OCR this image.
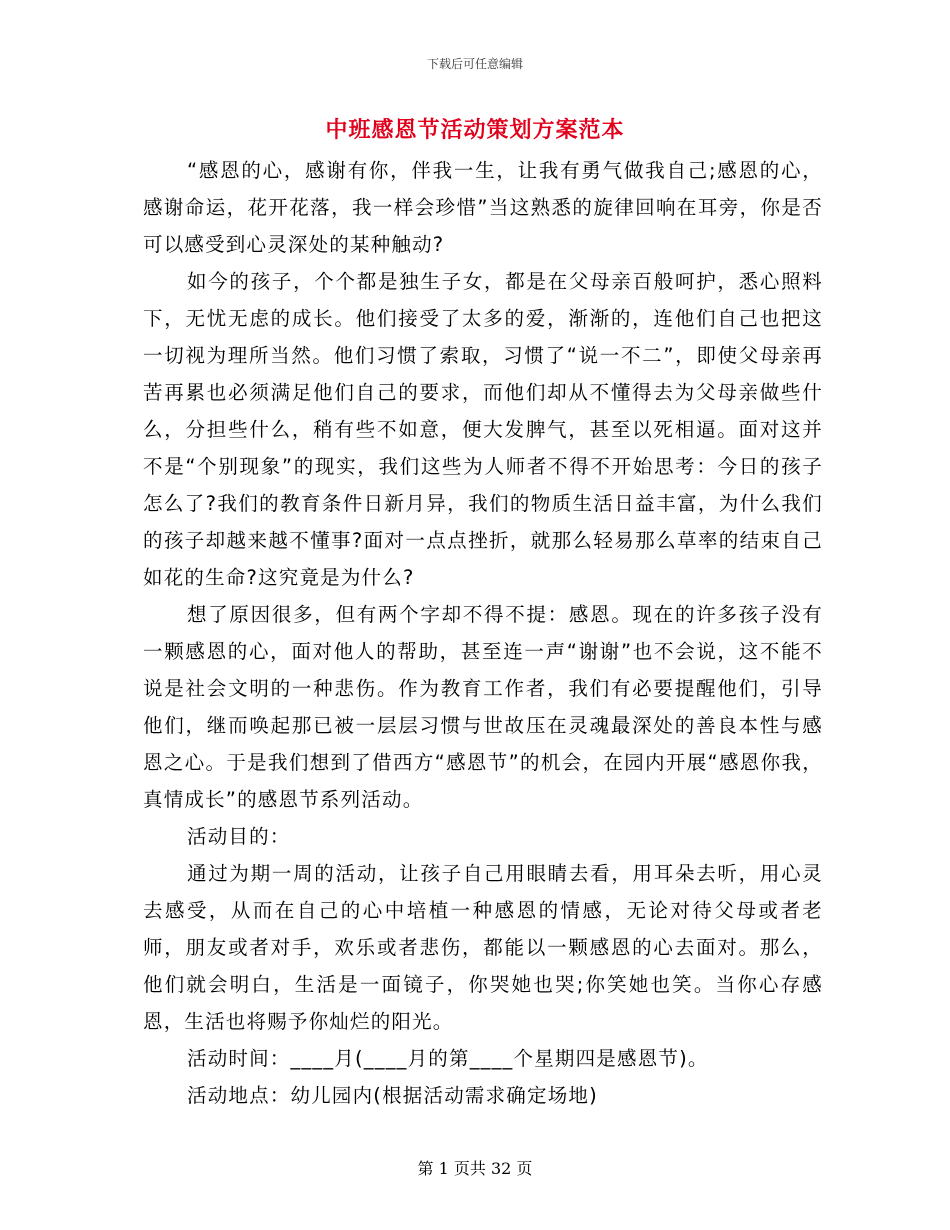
下载后可任意编辑
中班感恩节活动策划方案范本

“感恩的心，感谢有你，伴我一生，让我有勇气做我自己;感恩的心，感谢命运，花开花落，我一样会珍惜”当这熟悉的旋律回响在耳旁，你是否可以感受到心灵深处的某种触动?

如今的孩子，个个都是独生子女，都是在父母亲百般呵护，悉心照料下，无忧无虑的成长。他们接受了太多的爱，渐渐的，连他们自己也把这一切视为理所当然。他们习惯了索取，习惯了“说一不二”，即使父母亲再苦再累也必须满足他们自己的要求，而他们却从不懂得去为父母亲做些什么，分担些什么，稍有些不如意，便大发脾气，甚至以死相逼。面对这并不是“个别现象”的现实，我们这些为人师者不得不开始思考：今日的孩子怎么了?我们的教育条件日新月异，我们的物质生活日益丰富，为什么我们的孩子却越来越不懂事?面对一点点挫折，就那么轻易那么草率的结束自己如花的生命?这究竟是为什么?

想了原因很多，但有两个字却不得不提：感恩。现在的许多孩子没有一颗感恩的心，面对他人的帮助，甚至连一声“谢谢”也不会说，这不能不说是社会文明的一种悲伤。作为教育工作者，我们有必要提醒他们，引导他们，继而唤起那已被一层层习惯与世故压在灵魂最深处的善良本性与感恩之心。于是我们想到了借西方“感恩节”的机会，在园内开展“感恩你我，真情成长”的感恩节系列活动。

活动目的：

通过为期一周的活动，让孩子自己用眼睛去看，用耳朵去听，用心灵去感受，从而在自己的心中培植一种感恩的情感，无论对待父母或者老师，朋友或者对手，欢乐或者悲伤，都能以一颗感恩的心去面对。那么，他们就会明白，生活是一面镜子，你哭她也哭;你笑她也笑。当你心存感恩，生活也将赐予你灿烂的阳光。

活动时间：____月(____月的第____个星期四是感恩节)。

活动地点：幼儿园内(根据活动需求确定场地)

第 1 页共 32 页
